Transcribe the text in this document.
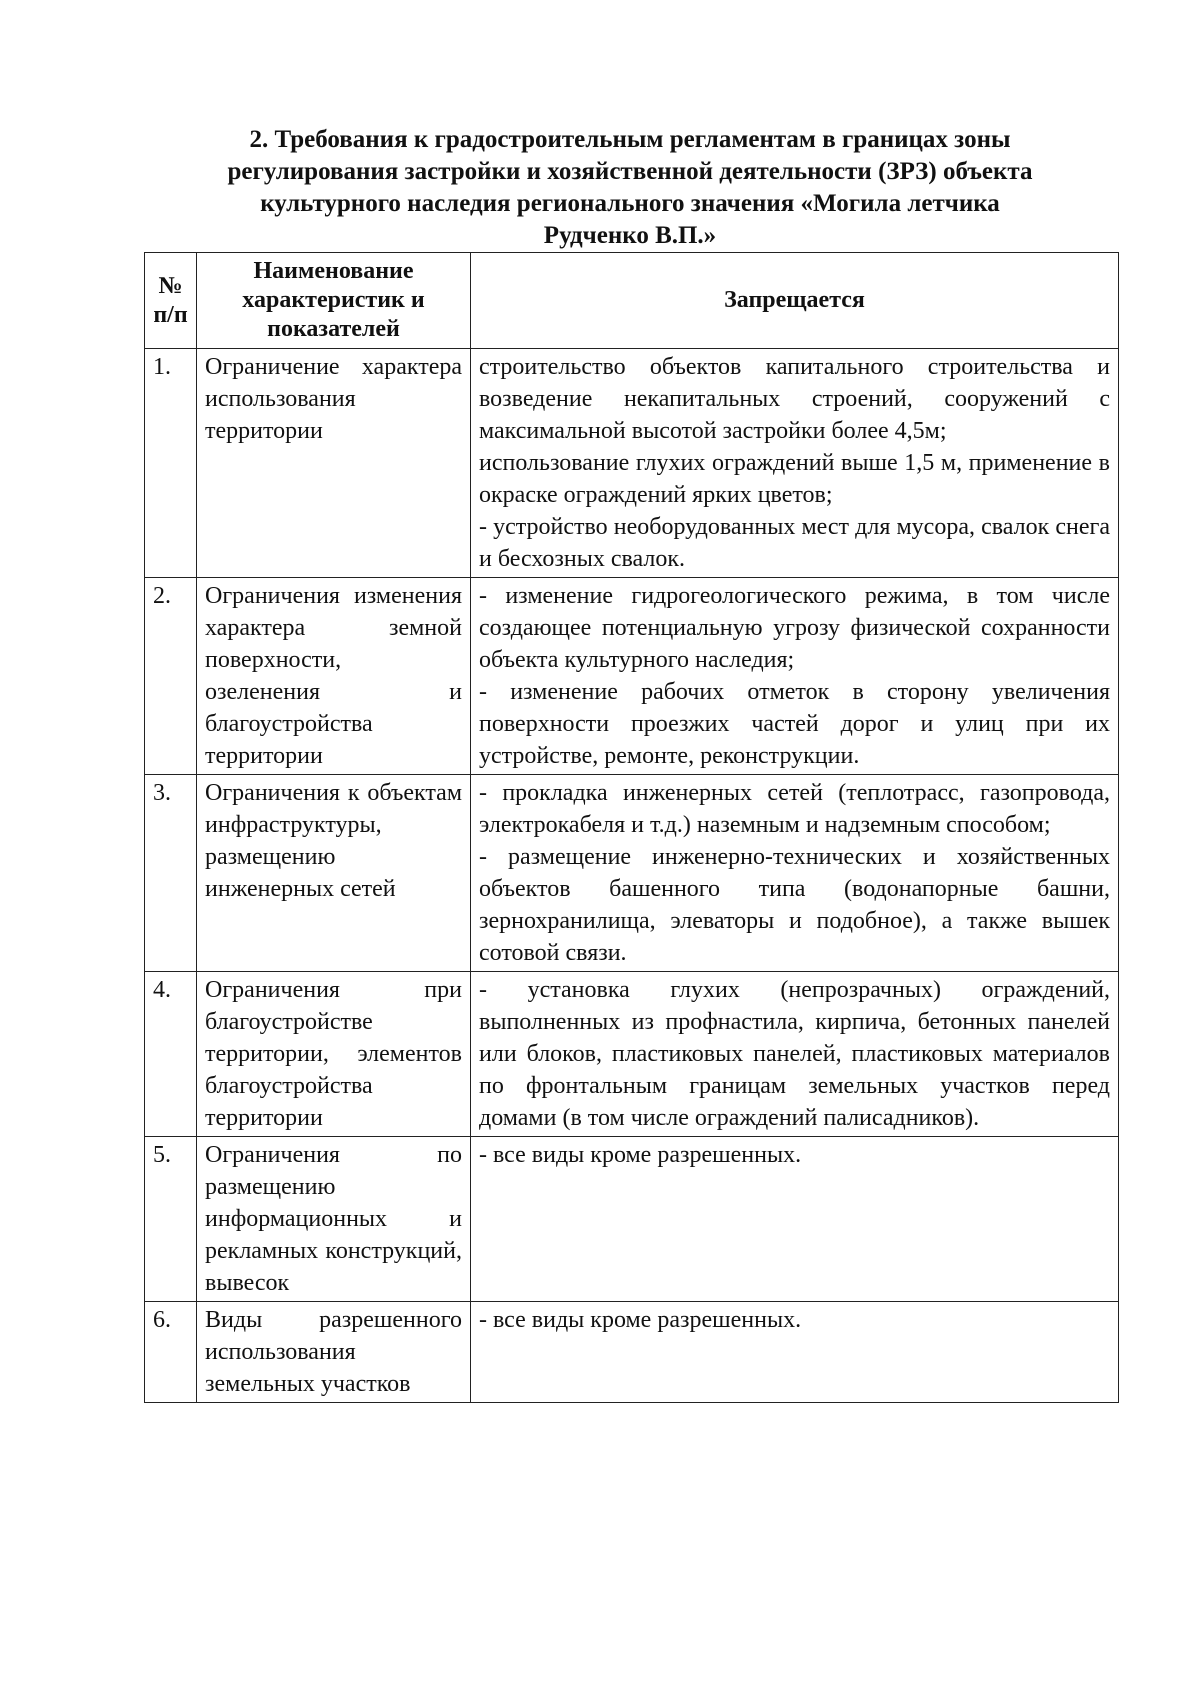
2. Требования к градостроительным регламентам в границах зоны
регулирования застройки и хозяйственной деятельности (ЗРЗ) объекта
культурного наследия регионального значения «Могила летчика
Рудченко В.П.»
№ п/п	Наименование характеристик и показателей	Запрещается
1.	Ограничение характера использования территории	строительство объектов капитального строительства и возведение некапитальных строений, сооружений с максимальной высотой застройки более 4,5м;
использование глухих ограждений выше 1,5 м, применение в окраске ограждений ярких цветов;
- устройство необорудованных мест для мусора, свалок снега и бесхозных свалок.

2.	Ограничения изменения характера земной поверхности, озеленения и благоустройства территории	- изменение гидрогеологического режима, в том числе создающее потенциальную угрозу физической сохранности объекта культурного наследия;
- изменение рабочих отметок в сторону увеличения поверхности проезжих частей дорог и улиц при их устройстве, ремонте, реконструкции.

3.	Ограничения к объектам инфраструктуры, размещению инженерных сетей	- прокладка инженерных сетей (теплотрасс, газопровода, электрокабеля и т.д.) наземным и надземным способом;
- размещение инженерно-технических и хозяйственных объектов башенного типа (водонапорные башни, зернохранилища, элеваторы и подобное), а также вышек сотовой связи.

4.	Ограничения при благоустройстве территории, элементов благоустройства территории	- установка глухих (непрозрачных) ограждений, выполненных из профнастила, кирпича, бетонных панелей или блоков, пластиковых панелей, пластиковых материалов по фронтальным границам земельных участков перед домами (в том числе ограждений палисадников).

5.	Ограничения по размещению информационных и рекламных конструкций, вывесок	- все виды кроме разрешенных.

6.	Виды разрешенного использования земельных участков	- все виды кроме разрешенных.
